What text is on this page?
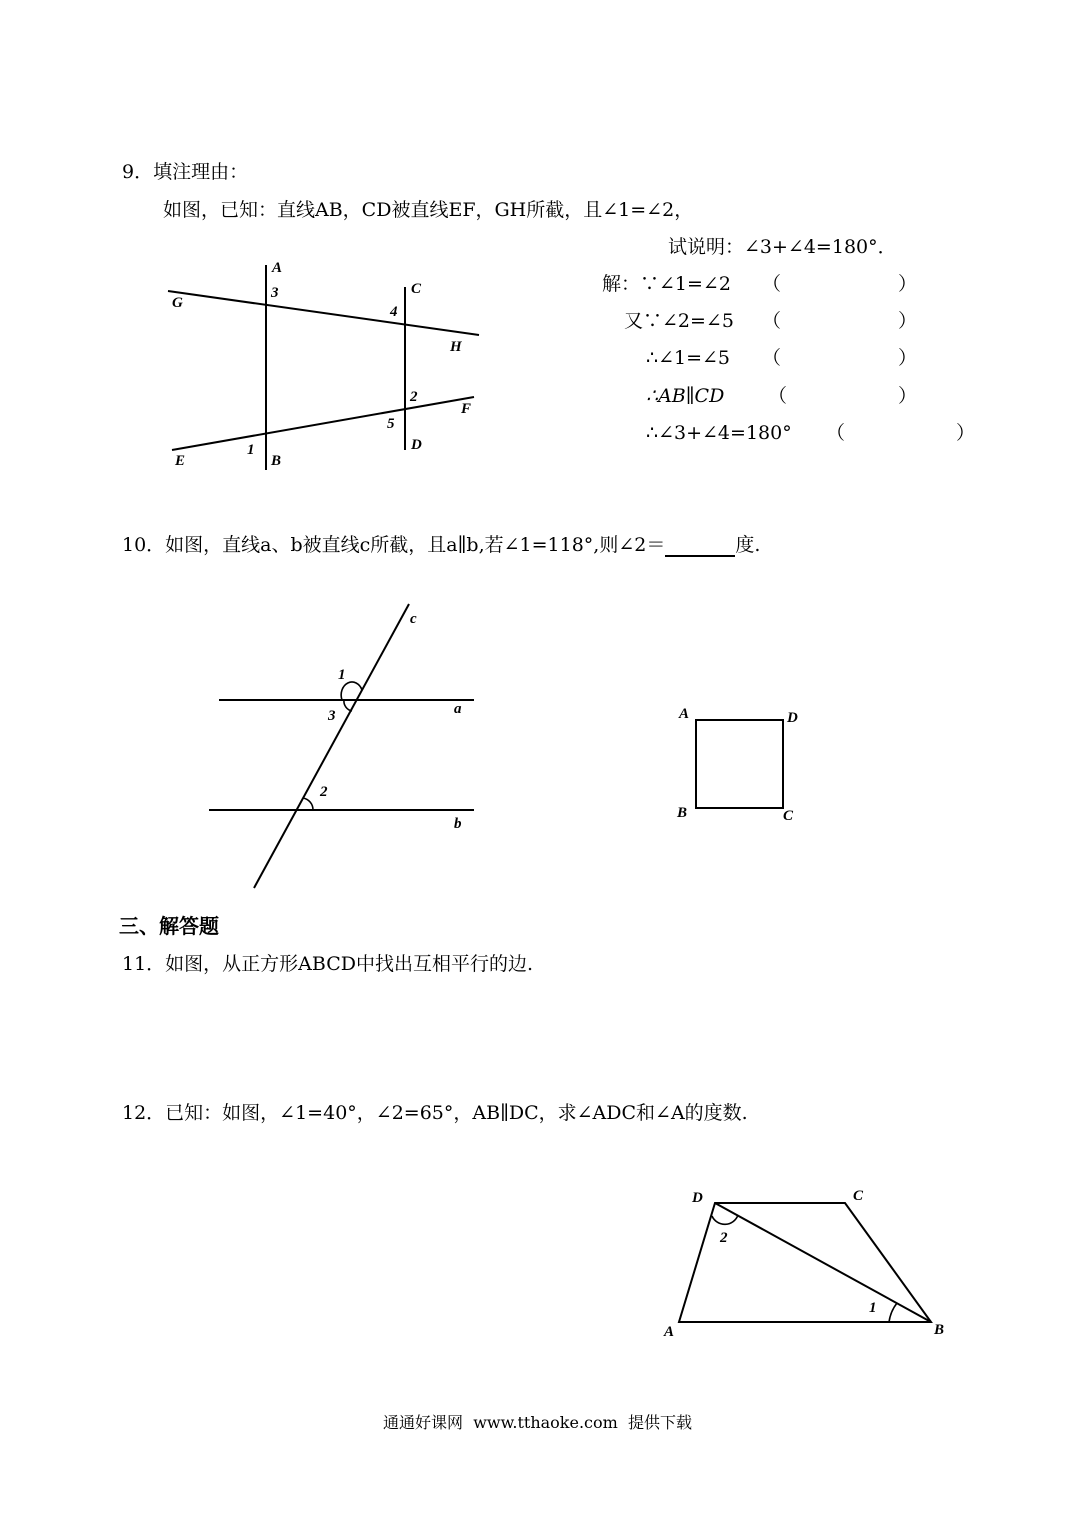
9．填注理由：
如图，已知：直线AB，CD被直线EF，GH所截，且∠1=∠2，
试说明：∠3+∠4=180°．
解：∵∠1=∠2 （	）
又∵∠2=∠5 （	）
∴∠1=∠5 （	）
∴AB∥CD （	）
∴∠3+∠4=180° （	）
A
3
G
C
4
H
2
F
5
D
1
E	B
10．如图，直线a、b被直线c所截，且a∥b,若∠1=118°,则∠2＝	度.
c
1
3	a
2
b
A	D
B	C
三、解答题
11．如图，从正方形ABCD中找出互相平行的边.
12．已知：如图，∠1=40°，∠2=65°，AB∥DC，求∠ADC和∠A的度数.
D	C
2
1
A	B
通通好课网 www.tthaoke.com 提供下载
